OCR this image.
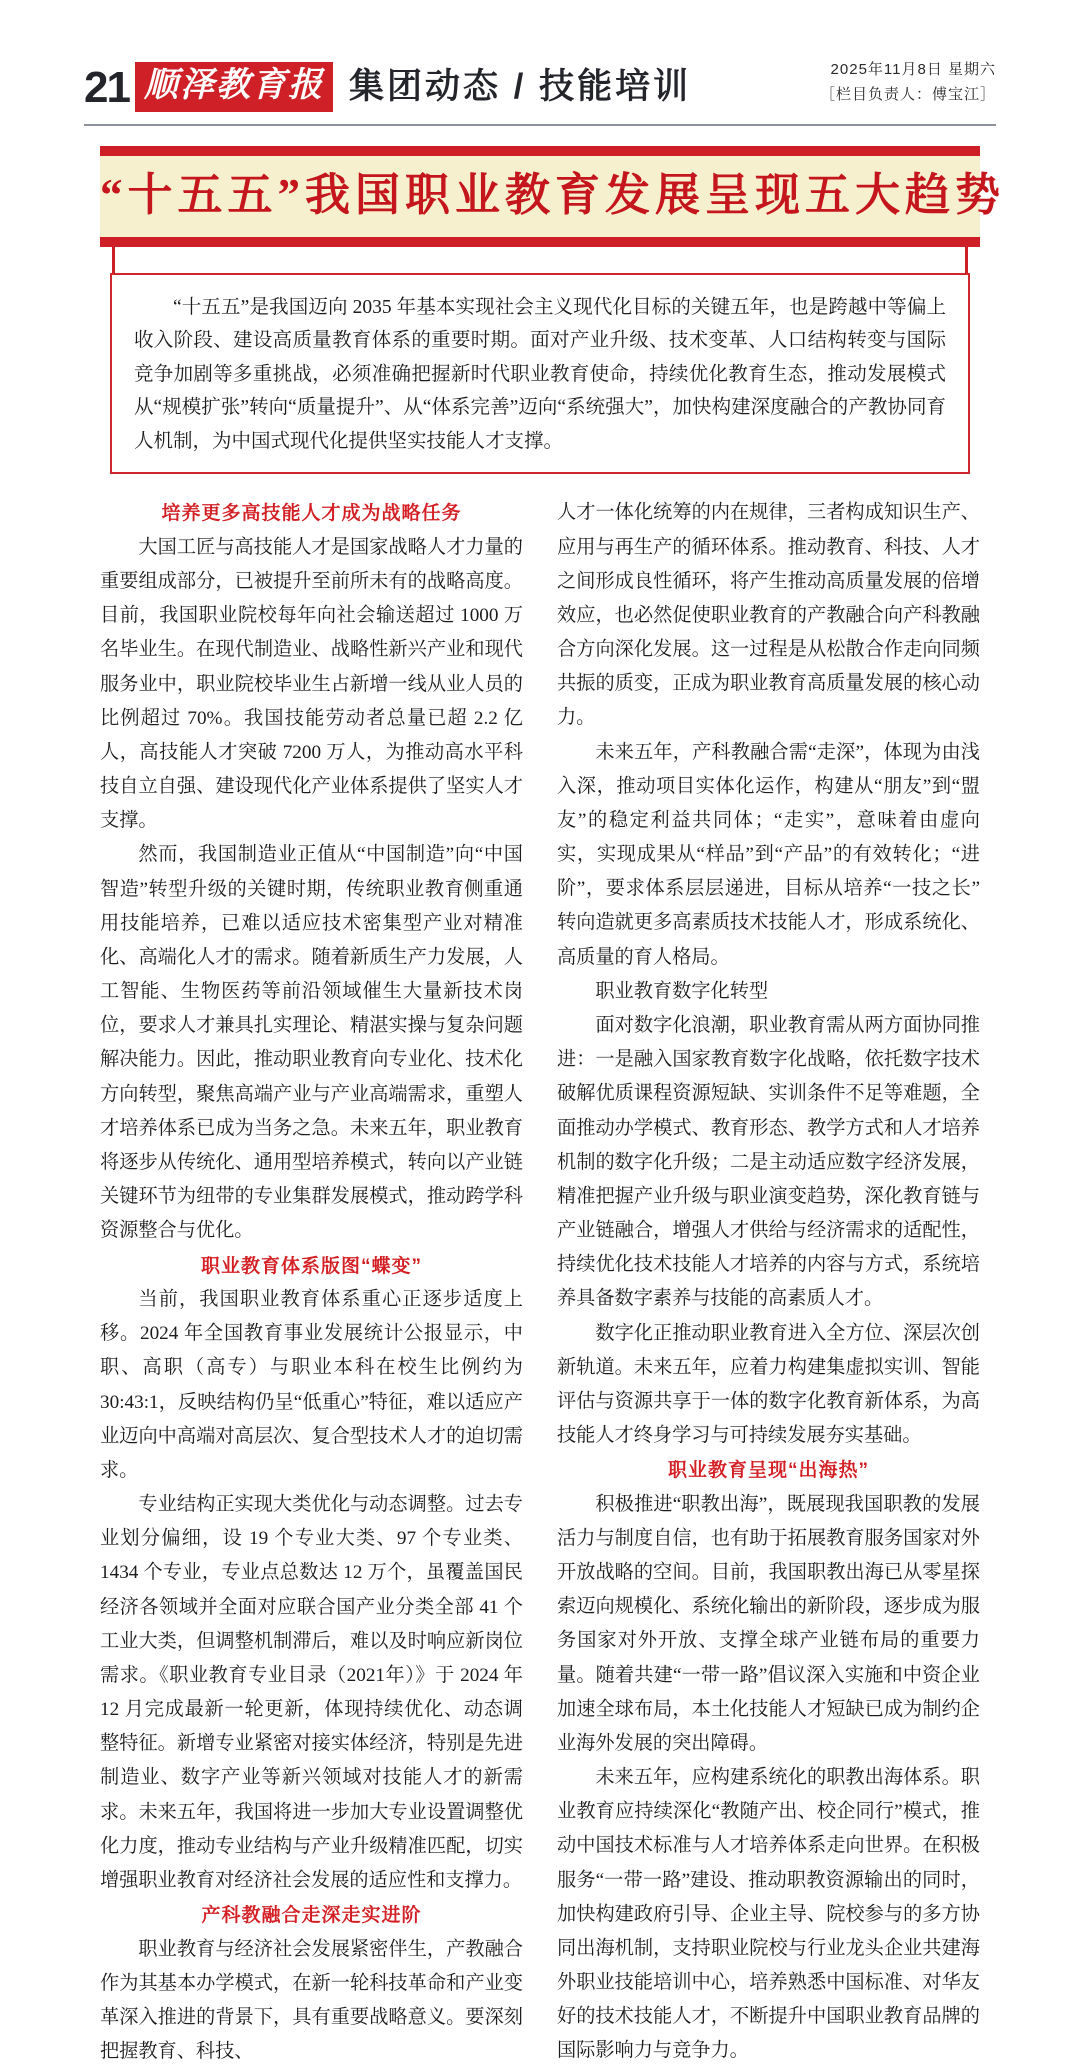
21 顺泽教育报 集团动态 / 技能培训	2025年11月8日 星期六
［栏目负责人：傅宝江］
“十五五”我国职业教育发展呈现五大趋势

“十五五”是我国迈向 2035 年基本实现社会主义现代化目标的关键五年，也是跨越中等偏上收入阶段、建设高质量教育体系的重要时期。面对产业升级、技术变革、人口结构转变与国际竞争加剧等多重挑战，必须准确把握新时代职业教育使命，持续优化教育生态，推动发展模式从“规模扩张”转向“质量提升”、从“体系完善”迈向“系统强大”，加快构建深度融合的产教协同育人机制，为中国式现代化提供坚实技能人才支撑。

培养更多高技能人才成为战略任务

大国工匠与高技能人才是国家战略人才力量的重要组成部分，已被提升至前所未有的战略高度。目前，我国职业院校每年向社会输送超过 1000 万名毕业生。在现代制造业、战略性新兴产业和现代服务业中，职业院校毕业生占新增一线从业人员的比例超过 70%。我国技能劳动者总量已超 2.2 亿人，高技能人才突破 7200 万人，为推动高水平科技自立自强、建设现代化产业体系提供了坚实人才支撑。

然而，我国制造业正值从“中国制造”向“中国智造”转型升级的关键时期，传统职业教育侧重通用技能培养，已难以适应技术密集型产业对精准化、高端化人才的需求。随着新质生产力发展，人工智能、生物医药等前沿领域催生大量新技术岗位，要求人才兼具扎实理论、精湛实操与复杂问题解决能力。因此，推动职业教育向专业化、技术化方向转型，聚焦高端产业与产业高端需求，重塑人才培养体系已成为当务之急。未来五年，职业教育将逐步从传统化、通用型培养模式，转向以产业链关键环节为纽带的专业集群发展模式，推动跨学科资源整合与优化。

职业教育体系版图“蝶变”

当前，我国职业教育体系重心正逐步适度上移。2024 年全国教育事业发展统计公报显示，中职、高职（高专）与职业本科在校生比例约为 30:43:1，反映结构仍呈“低重心”特征，难以适应产业迈向中高端对高层次、复合型技术人才的迫切需求。

专业结构正实现大类优化与动态调整。过去专业划分偏细，设 19 个专业大类、97 个专业类、1434 个专业，专业点总数达 12 万个，虽覆盖国民经济各领域并全面对应联合国产业分类全部 41 个工业大类，但调整机制滞后，难以及时响应新岗位需求。《职业教育专业目录（2021年）》于 2024 年 12 月完成最新一轮更新，体现持续优化、动态调整特征。新增专业紧密对接实体经济，特别是先进制造业、数字产业等新兴领域对技能人才的新需求。未来五年，我国将进一步加大专业设置调整优化力度，推动专业结构与产业升级精准匹配，切实增强职业教育对经济社会发展的适应性和支撑力。

产科教融合走深走实进阶

职业教育与经济社会发展紧密伴生，产教融合作为其基本办学模式，在新一轮科技革命和产业变革深入推进的背景下，具有重要战略意义。要深刻把握教育、科技、

人才一体化统筹的内在规律，三者构成知识生产、应用与再生产的循环体系。推动教育、科技、人才之间形成良性循环，将产生推动高质量发展的倍增效应，也必然促使职业教育的产教融合向产科教融合方向深化发展。这一过程是从松散合作走向同频共振的质变，正成为职业教育高质量发展的核心动力。

未来五年，产科教融合需“走深”，体现为由浅入深，推动项目实体化运作，构建从“朋友”到“盟友”的稳定利益共同体；“走实”，意味着由虚向实，实现成果从“样品”到“产品”的有效转化；“进阶”，要求体系层层递进，目标从培养“一技之长”转向造就更多高素质技术技能人才，形成系统化、高质量的育人格局。

职业教育数字化转型

面对数字化浪潮，职业教育需从两方面协同推进：一是融入国家教育数字化战略，依托数字技术破解优质课程资源短缺、实训条件不足等难题，全面推动办学模式、教育形态、教学方式和人才培养机制的数字化升级；二是主动适应数字经济发展，精准把握产业升级与职业演变趋势，深化教育链与产业链融合，增强人才供给与经济需求的适配性，持续优化技术技能人才培养的内容与方式，系统培养具备数字素养与技能的高素质人才。

数字化正推动职业教育进入全方位、深层次创新轨道。未来五年，应着力构建集虚拟实训、智能评估与资源共享于一体的数字化教育新体系，为高技能人才终身学习与可持续发展夯实基础。

职业教育呈现“出海热”

积极推进“职教出海”，既展现我国职教的发展活力与制度自信，也有助于拓展教育服务国家对外开放战略的空间。目前，我国职教出海已从零星探索迈向规模化、系统化输出的新阶段，逐步成为服务国家对外开放、支撑全球产业链布局的重要力量。随着共建“一带一路”倡议深入实施和中资企业加速全球布局，本土化技能人才短缺已成为制约企业海外发展的突出障碍。

未来五年，应构建系统化的职教出海体系。职业教育应持续深化“教随产出、校企同行”模式，推动中国技术标准与人才培养体系走向世界。在积极服务“一带一路”建设、推动职教资源输出的同时，加快构建政府引导、企业主导、院校参与的多方协同出海机制，支持职业院校与行业龙头企业共建海外职业技能培训中心，培养熟悉中国标准、对华友好的技术技能人才，不断提升中国职业教育品牌的国际影响力与竞争力。
